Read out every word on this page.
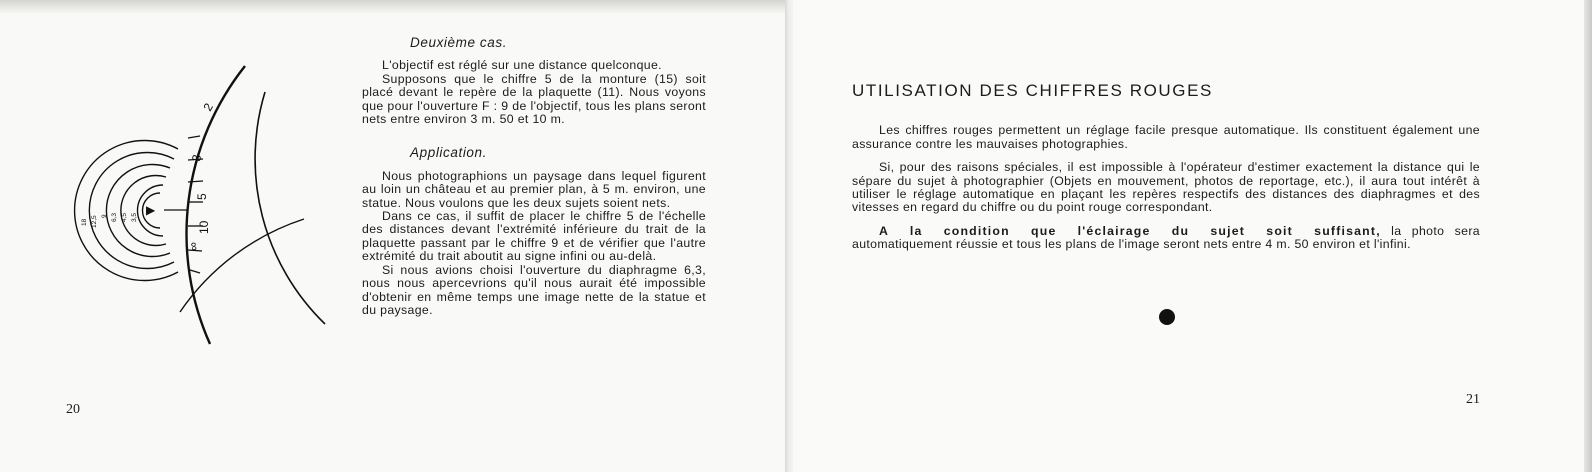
▶
2
3
5
10
∞
18 12,5 9 6,3 4,5 3,5

Deuxième cas.

L'objectif est réglé sur une distance quelconque.

Supposons que le chiffre 5 de la monture (15) soit placé devant le repère de la plaquette (11). Nous voyons que pour l'ouverture F : 9 de l'objectif, tous les plans seront nets entre environ 3 m. 50 et 10 m.

Application.

Nous photographions un paysage dans lequel figurent au loin un château et au premier plan, à 5 m. environ, une statue. Nous voulons que les deux sujets soient nets.

Dans ce cas, il suffit de placer le chiffre 5 de l'échelle des distances devant l'extrémité inférieure du trait de la plaquette passant par le chiffre 9 et de vérifier que l'autre extrémité du trait aboutit au signe infini ou au-delà.

Si nous avions choisi l'ouverture du diaphragme 6,3, nous nous apercevrions qu'il nous aurait été impossible d'obtenir en même temps une image nette de la statue et du paysage.

20
UTILISATION DES CHIFFRES ROUGES

Les chiffres rouges permettent un réglage facile presque automatique. Ils constituent également une assurance contre les mauvaises photographies.

Si, pour des raisons spéciales, il est impossible à l'opérateur d'estimer exactement la distance qui le sépare du sujet à photographier (Objets en mouvement, photos de reportage, etc.), il aura tout intérêt à utiliser le réglage automatique en plaçant les repères respectifs des distances des diaphragmes et des vitesses en regard du chiffre ou du point rouge correspondant.

A la condition que l'éclairage du sujet soit suffisant, la photo sera automatiquement réussie et tous les plans de l'image seront nets entre 4 m. 50 environ et l'infini.

21
